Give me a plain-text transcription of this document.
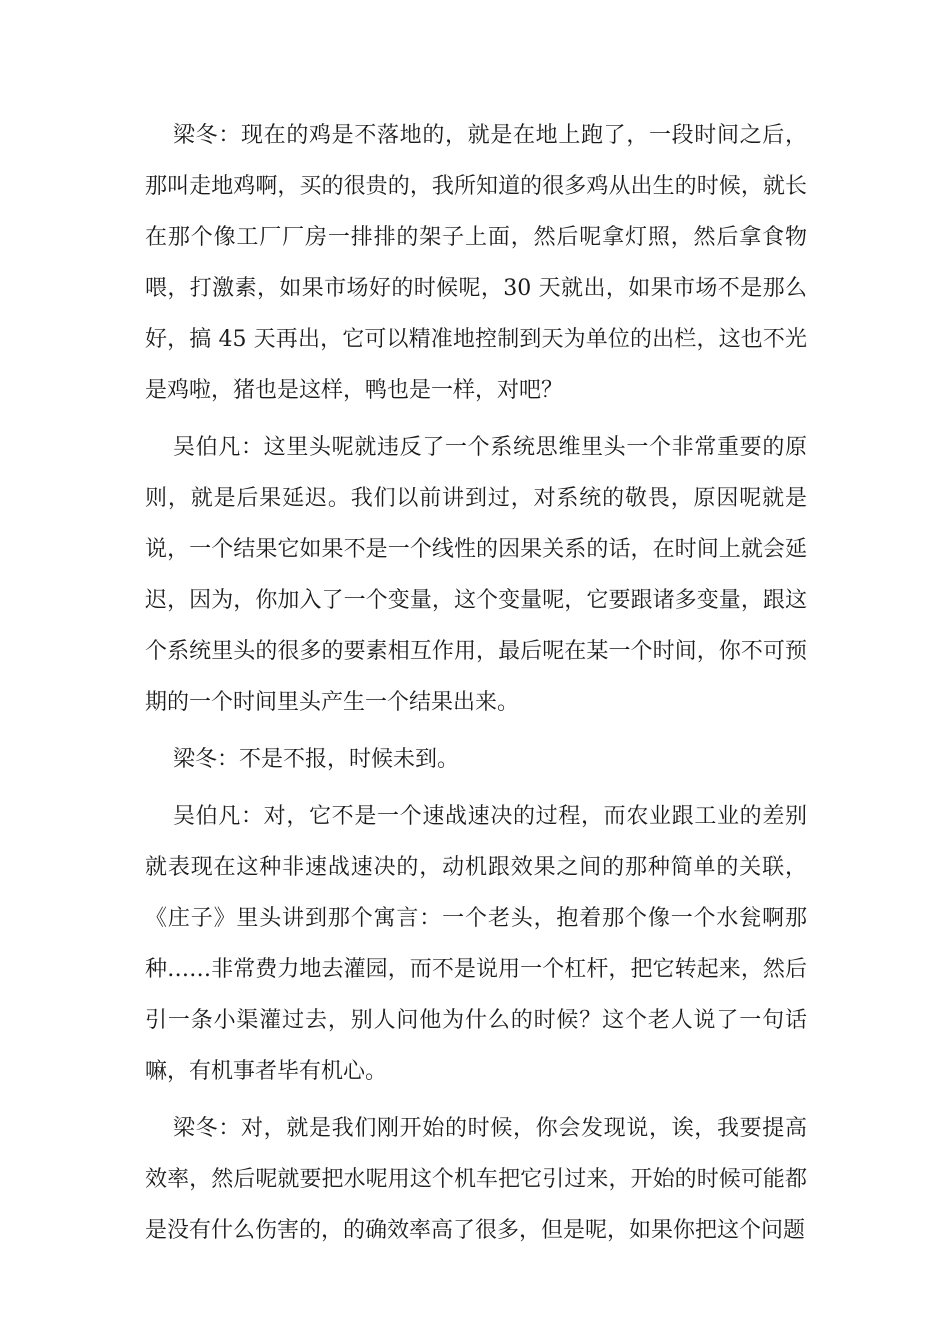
梁冬：现在的鸡是不落地的，就是在地上跑了，一段时间之后，那叫走地鸡啊，买的很贵的，我所知道的很多鸡从出生的时候，就长在那个像工厂厂房一排排的架子上面，然后呢拿灯照，然后拿食物喂，打激素，如果市场好的时候呢，30 天就出，如果市场不是那么好，搞 45 天再出，它可以精准地控制到天为单位的出栏，这也不光是鸡啦，猪也是这样，鸭也是一样，对吧？

吴伯凡：这里头呢就违反了一个系统思维里头一个非常重要的原则，就是后果延迟。我们以前讲到过，对系统的敬畏，原因呢就是说，一个结果它如果不是一个线性的因果关系的话，在时间上就会延迟，因为，你加入了一个变量，这个变量呢，它要跟诸多变量，跟这个系统里头的很多的要素相互作用，最后呢在某一个时间，你不可预期的一个时间里头产生一个结果出来。

梁冬：不是不报，时候未到。

吴伯凡：对，它不是一个速战速决的过程，而农业跟工业的差别就表现在这种非速战速决的，动机跟效果之间的那种简单的关联，《庄子》里头讲到那个寓言：一个老头，抱着那个像一个水瓮啊那种……非常费力地去灌园，而不是说用一个杠杆，把它转起来，然后引一条小渠灌过去，别人问他为什么的时候？这个老人说了一句话嘛，有机事者毕有机心。

梁冬：对，就是我们刚开始的时候，你会发现说，诶，我要提高效率，然后呢就要把水呢用这个机车把它引过来，开始的时候可能都是没有什么伤害的，的确效率高了很多，但是呢，如果你把这个问题
